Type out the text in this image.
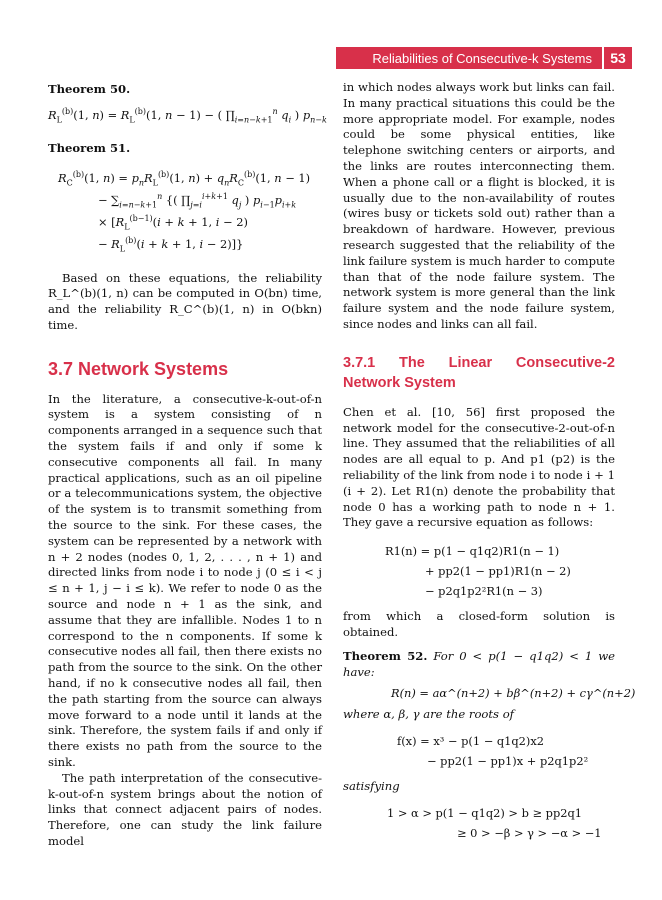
Reliabilities of Consecutive-k Systems	53

Theorem 50.

$R_L^{(b)}(1$, $n) = R_L^{(b)}(1$, n − 1) − ( $\prod_{i=n-k+1}^n$ $q_i$ ) $p_{n-k}$

Theorem 51.

$R_C^{(b)}(1$, $n) = p_nR_L^{(b)}(1$, $n) + q_nR_C^{(b)}(1$, n − 1)
− $\sum_{i=n-k+1}^n$ {( $\prod_{j=i}^{i+k+1}$ $q_j$ ) $p_{i-1}p_{i+k}$
× [$R_L^{(b-1)}(i + k + 1$, i − 2)
− $R_L^{(b)}(i + k + 1$, i − 2)]}

Based on these equations, the reliability R_L^(b)(1, n) can be computed in O(bn) time, and the reliability R_C^(b)(1, n) in O(bkn) time.

3.7 Network Systems

In the literature, a consecutive-k-out-of-n system is a system consisting of n components arranged in a sequence such that the system fails if and only if some k consecutive components all fail. In many practical applications, such as an oil pipeline or a telecommunications system, the objective of the system is to transmit something from the source to the sink. For these cases, the system can be represented by a network with n + 2 nodes (nodes 0, 1, 2, . . . , n + 1) and directed links from node i to node j (0 ≤ i < j ≤ n + 1, j − i ≤ k). We refer to node 0 as the source and node n + 1 as the sink, and assume that they are infallible. Nodes 1 to n correspond to the n components. If some k consecutive nodes all fail, then there exists no path from the source to the sink. On the other hand, if no k consecutive nodes all fail, then the path starting from the source can always move forward to a node until it lands at the sink. Therefore, the system fails if and only if there exists no path from the source to the sink.

The path interpretation of the consecutive-k-out-of-n system brings about the notion of links that connect adjacent pairs of nodes. Therefore, one can study the link failure model

in which nodes always work but links can fail. In many practical situations this could be the more appropriate model. For example, nodes could be some physical entities, like telephone switching centers or airports, and the links are routes interconnecting them. When a phone call or a flight is blocked, it is usually due to the non-availability of routes (wires busy or tickets sold out) rather than a breakdown of hardware. However, previous research suggested that the reliability of the link failure system is much harder to compute than that of the node failure system. The network system is more general than the link failure system and the node failure system, since nodes and links can all fail.

3.7.1 The Linear Consecutive-2 Network System

Chen et al. [10, 56] first proposed the network model for the consecutive-2-out-of-n line. They assumed that the reliabilities of all nodes are all equal to p. And p1 (p2) is the reliability of the link from node i to node i + 1 (i + 2). Let R1(n) denote the probability that node 0 has a working path to node n + 1. They gave a recursive equation as follows:

R1(n) = p(1 − q1q2)R1(n − 1)
+ pp2(1 − pp1)R1(n − 2)
− p2q1p2²R1(n − 3)

from which a closed-form solution is obtained.

Theorem 52. For 0 < p(1 − q1q2) < 1 we have:

R(n) = aα^(n+2) + bβ^(n+2) + cγ^(n+2)

where α, β, γ are the roots of

f(x) = x³ − p(1 − q1q2)x2
− pp2(1 − pp1)x + p2q1p2²

satisfying

1 > α > p(1 − q1q2) > b ≥ pp2q1
≥ 0 > −β > γ > −α > −1
